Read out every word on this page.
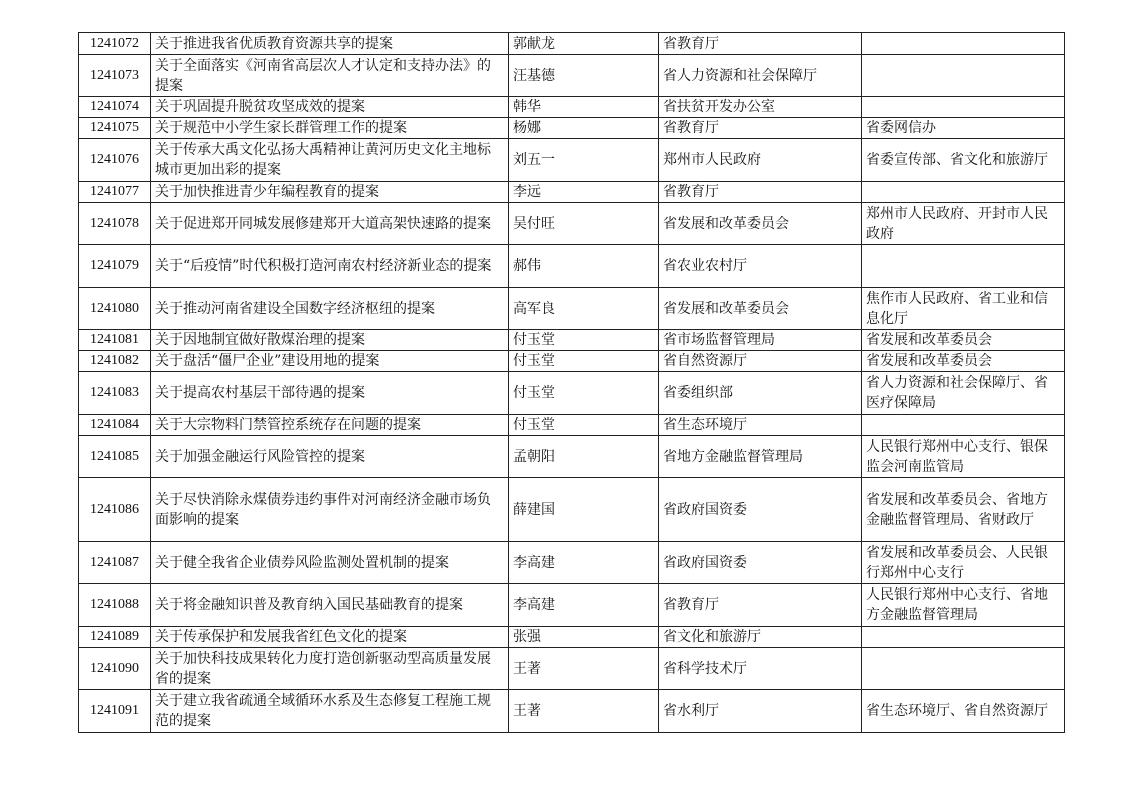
1241072	关于推进我省优质教育资源共享的提案	郭献龙	省教育厅	
1241073	关于全面落实《河南省高层次人才认定和支持办法》的提案	汪基德	省人力资源和社会保障厅	
1241074	关于巩固提升脱贫攻坚成效的提案	韩华	省扶贫开发办公室	
1241075	关于规范中小学生家长群管理工作的提案	杨娜	省教育厅	省委网信办
1241076	关于传承大禹文化弘扬大禹精神让黄河历史文化主地标城市更加出彩的提案	刘五一	郑州市人民政府	省委宣传部、省文化和旅游厅
1241077	关于加快推进青少年编程教育的提案	李远	省教育厅	
1241078	关于促进郑开同城发展修建郑开大道高架快速路的提案	吴付旺	省发展和改革委员会	郑州市人民政府、开封市人民政府
1241079	关于“后疫情”时代积极打造河南农村经济新业态的提案	郝伟	省农业农村厅	
1241080	关于推动河南省建设全国数字经济枢纽的提案	高军良	省发展和改革委员会	焦作市人民政府、省工业和信息化厅
1241081	关于因地制宜做好散煤治理的提案	付玉堂	省市场监督管理局	省发展和改革委员会
1241082	关于盘活“僵尸企业”建设用地的提案	付玉堂	省自然资源厅	省发展和改革委员会
1241083	关于提高农村基层干部待遇的提案	付玉堂	省委组织部	省人力资源和社会保障厅、省医疗保障局
1241084	关于大宗物料门禁管控系统存在问题的提案	付玉堂	省生态环境厅	
1241085	关于加强金融运行风险管控的提案	孟朝阳	省地方金融监督管理局	人民银行郑州中心支行、银保监会河南监管局
1241086	关于尽快消除永煤债券违约事件对河南经济金融市场负面影响的提案	薛建国	省政府国资委	省发展和改革委员会、省地方金融监督管理局、省财政厅
1241087	关于健全我省企业债券风险监测处置机制的提案	李高建	省政府国资委	省发展和改革委员会、人民银行郑州中心支行
1241088	关于将金融知识普及教育纳入国民基础教育的提案	李高建	省教育厅	人民银行郑州中心支行、省地方金融监督管理局
1241089	关于传承保护和发展我省红色文化的提案	张强	省文化和旅游厅	
1241090	关于加快科技成果转化力度打造创新驱动型高质量发展省的提案	王著	省科学技术厅	
1241091	关于建立我省疏通全域循环水系及生态修复工程施工规范的提案	王著	省水利厅	省生态环境厅、省自然资源厅
